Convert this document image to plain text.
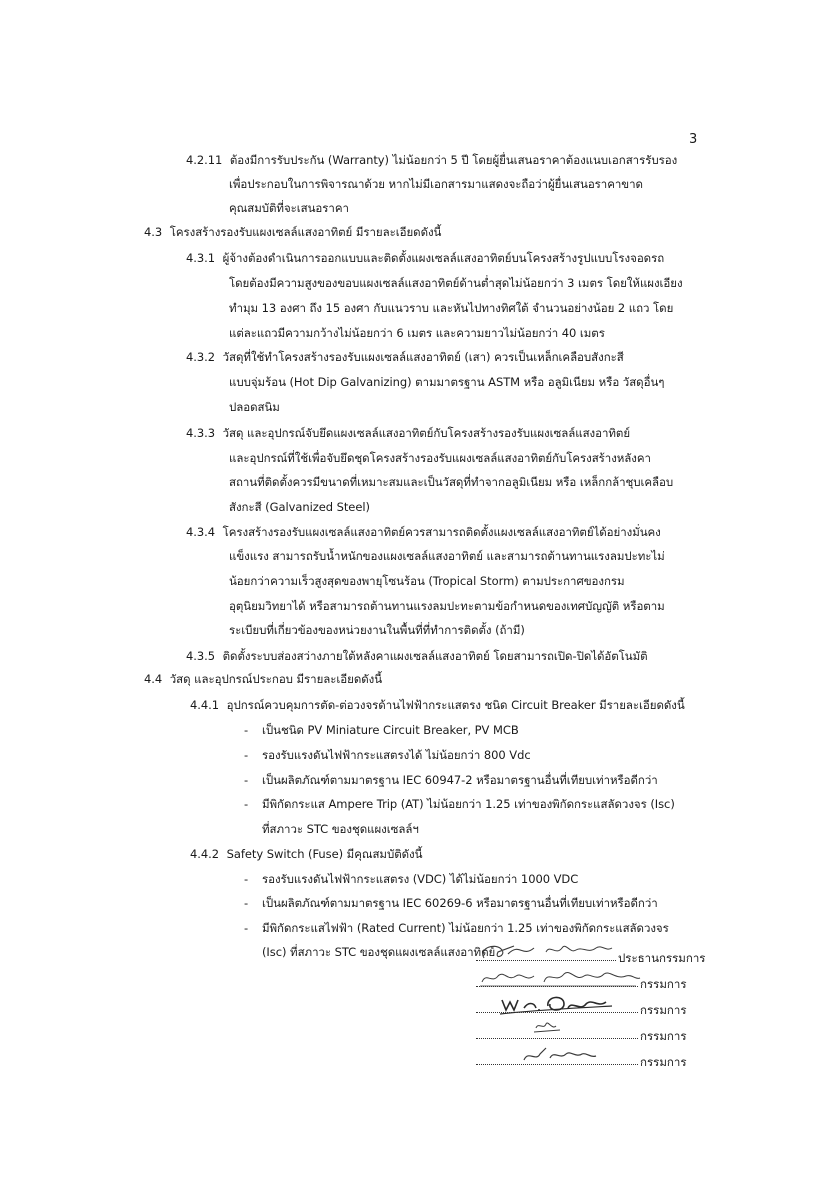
3
4.2.11 ต้องมีการรับประกัน (Warranty) ไม่น้อยกว่า 5 ปี โดยผู้ยื่นเสนอราคาต้องแนบเอกสารรับรอง
เพื่อประกอบในการพิจารณาด้วย หากไม่มีเอกสารมาแสดงจะถือว่าผู้ยื่นเสนอราคาขาด
คุณสมบัติที่จะเสนอราคา
4.3 โครงสร้างรองรับแผงเซลล์แสงอาทิตย์ มีรายละเอียดดังนี้
4.3.1 ผู้จ้างต้องดำเนินการออกแบบและติดตั้งแผงเซลล์แสงอาทิตย์บนโครงสร้างรูปแบบโรงจอดรถ
โดยต้องมีความสูงของขอบแผงเซลล์แสงอาทิตย์ด้านต่ำสุดไม่น้อยกว่า 3 เมตร โดยให้แผงเอียง
ทำมุม 13 องศา ถึง 15 องศา กับแนวราบ และหันไปทางทิศใต้ จำนวนอย่างน้อย 2 แถว โดย
แต่ละแถวมีความกว้างไม่น้อยกว่า 6 เมตร และความยาวไม่น้อยกว่า 40 เมตร
4.3.2 วัสดุที่ใช้ทำโครงสร้างรองรับแผงเซลล์แสงอาทิตย์ (เสา) ควรเป็นเหล็กเคลือบสังกะสี
แบบจุ่มร้อน (Hot Dip Galvanizing) ตามมาตรฐาน ASTM หรือ อลูมิเนียม หรือ วัสดุอื่นๆ
ปลอดสนิม
4.3.3 วัสดุ และอุปกรณ์จับยึดแผงเซลล์แสงอาทิตย์กับโครงสร้างรองรับแผงเซลล์แสงอาทิตย์
และอุปกรณ์ที่ใช้เพื่อจับยึดชุดโครงสร้างรองรับแผงเซลล์แสงอาทิตย์กับโครงสร้างหลังคา
สถานที่ติดตั้งควรมีขนาดที่เหมาะสมและเป็นวัสดุที่ทำจากอลูมิเนียม หรือ เหล็กกล้าชุบเคลือบ
สังกะสี (Galvanized Steel)
4.3.4 โครงสร้างรองรับแผงเซลล์แสงอาทิตย์ควรสามารถติดตั้งแผงเซลล์แสงอาทิตย์ได้อย่างมั่นคง
แข็งแรง สามารถรับน้ำหนักของแผงเซลล์แสงอาทิตย์ และสามารถต้านทานแรงลมปะทะไม่
น้อยกว่าความเร็วสูงสุดของพายุโซนร้อน (Tropical Storm) ตามประกาศของกรม
อุตุนิยมวิทยาได้ หรือสามารถต้านทานแรงลมปะทะตามข้อกำหนดของเทศบัญญัติ หรือตาม
ระเบียบที่เกี่ยวข้องของหน่วยงานในพื้นที่ที่ทำการติดตั้ง (ถ้ามี)
4.3.5 ติดตั้งระบบส่องสว่างภายใต้หลังคาแผงเซลล์แสงอาทิตย์ โดยสามารถเปิด-ปิดได้อัตโนมัติ
4.4 วัสดุ และอุปกรณ์ประกอบ มีรายละเอียดดังนี้
4.4.1 อุปกรณ์ควบคุมการตัด-ต่อวงจรด้านไฟฟ้ากระแสตรง ชนิด Circuit Breaker มีรายละเอียดดังนี้
- เป็นชนิด PV Miniature Circuit Breaker, PV MCB
- รองรับแรงดันไฟฟ้ากระแสตรงได้ ไม่น้อยกว่า 800 Vdc
- เป็นผลิตภัณฑ์ตามมาตรฐาน IEC 60947-2 หรือมาตรฐานอื่นที่เทียบเท่าหรือดีกว่า
- มีพิกัดกระแส Ampere Trip (AT) ไม่น้อยกว่า 1.25 เท่าของพิกัดกระแสลัดวงจร (Isc)
ที่สภาวะ STC ของชุดแผงเซลล์ฯ
4.4.2 Safety Switch (Fuse) มีคุณสมบัติดังนี้
- รองรับแรงดันไฟฟ้ากระแสตรง (VDC) ได้ไม่น้อยกว่า 1000 VDC
- เป็นผลิตภัณฑ์ตามมาตรฐาน IEC 60269-6 หรือมาตรฐานอื่นที่เทียบเท่าหรือดีกว่า
- มีพิกัดกระแสไฟฟ้า (Rated Current) ไม่น้อยกว่า 1.25 เท่าของพิกัดกระแสลัดวงจร
(Isc) ที่สภาวะ STC ของชุดแผงเซลล์แสงอาทิตย์	ประธานกรรมการ
กรรมการ
กรรมการ
กรรมการ
กรรมการ
